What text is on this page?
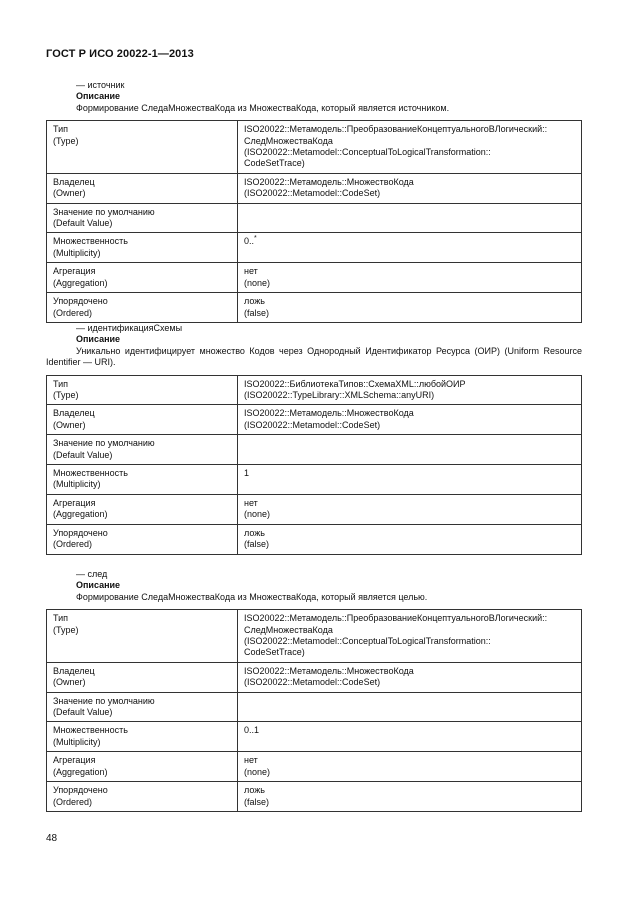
ГОСТ Р ИСО 20022-1—2013
— источник
Описание
Формирование СледаМножестваКода из МножестваКода, который является источником.
Тип
(Type)	ISO20022::Метамодель::ПреобразованиеКонцептуальногоВЛогический::
СледМножестваКода
(ISO20022::Metamodel::ConceptualToLogicalTransformation::
CodeSetTrace)

Владелец
(Owner)	ISO20022::Метамодель::МножествоКода
(ISO20022::Metamodel::CodeSet)

Значение по умолчанию
(Default Value)	

Множественность
(Multiplicity)	0..*

Агрегация
(Aggregation)	нет
(none)

Упорядочено
(Ordered)	ложь
(false)
— идентификацияСхемы
Описание
Уникально идентифицирует множество Кодов через Однородный Идентификатор Ресурса (ОИР) (Uniform Resource Identifier — URI).
Тип
(Type)	ISO20022::БиблиотекаТипов::СхемаXML::любойОИР
(ISO20022::TypeLibrary::XMLSchema::anyURI)

Владелец
(Owner)	ISO20022::Метамодель::МножествоКода
(ISO20022::Metamodel::CodeSet)

Значение по умолчанию
(Default Value)	

Множественность
(Multiplicity)	1

Агрегация
(Aggregation)	нет
(none)

Упорядочено
(Ordered)	ложь
(false)
— след
Описание
Формирование СледаМножестваКода из МножестваКода, который является целью.
Тип
(Type)	ISO20022::Метамодель::ПреобразованиеКонцептуальногоВЛогический::
СледМножестваКода
(ISO20022::Metamodel::ConceptualToLogicalTransformation::
CodeSetTrace)

Владелец
(Owner)	ISO20022::Метамодель::МножествоКода
(ISO20022::Metamodel::CodeSet)

Значение по умолчанию
(Default Value)	

Множественность
(Multiplicity)	0..1

Агрегация
(Aggregation)	нет
(none)

Упорядочено
(Ordered)	ложь
(false)
48
